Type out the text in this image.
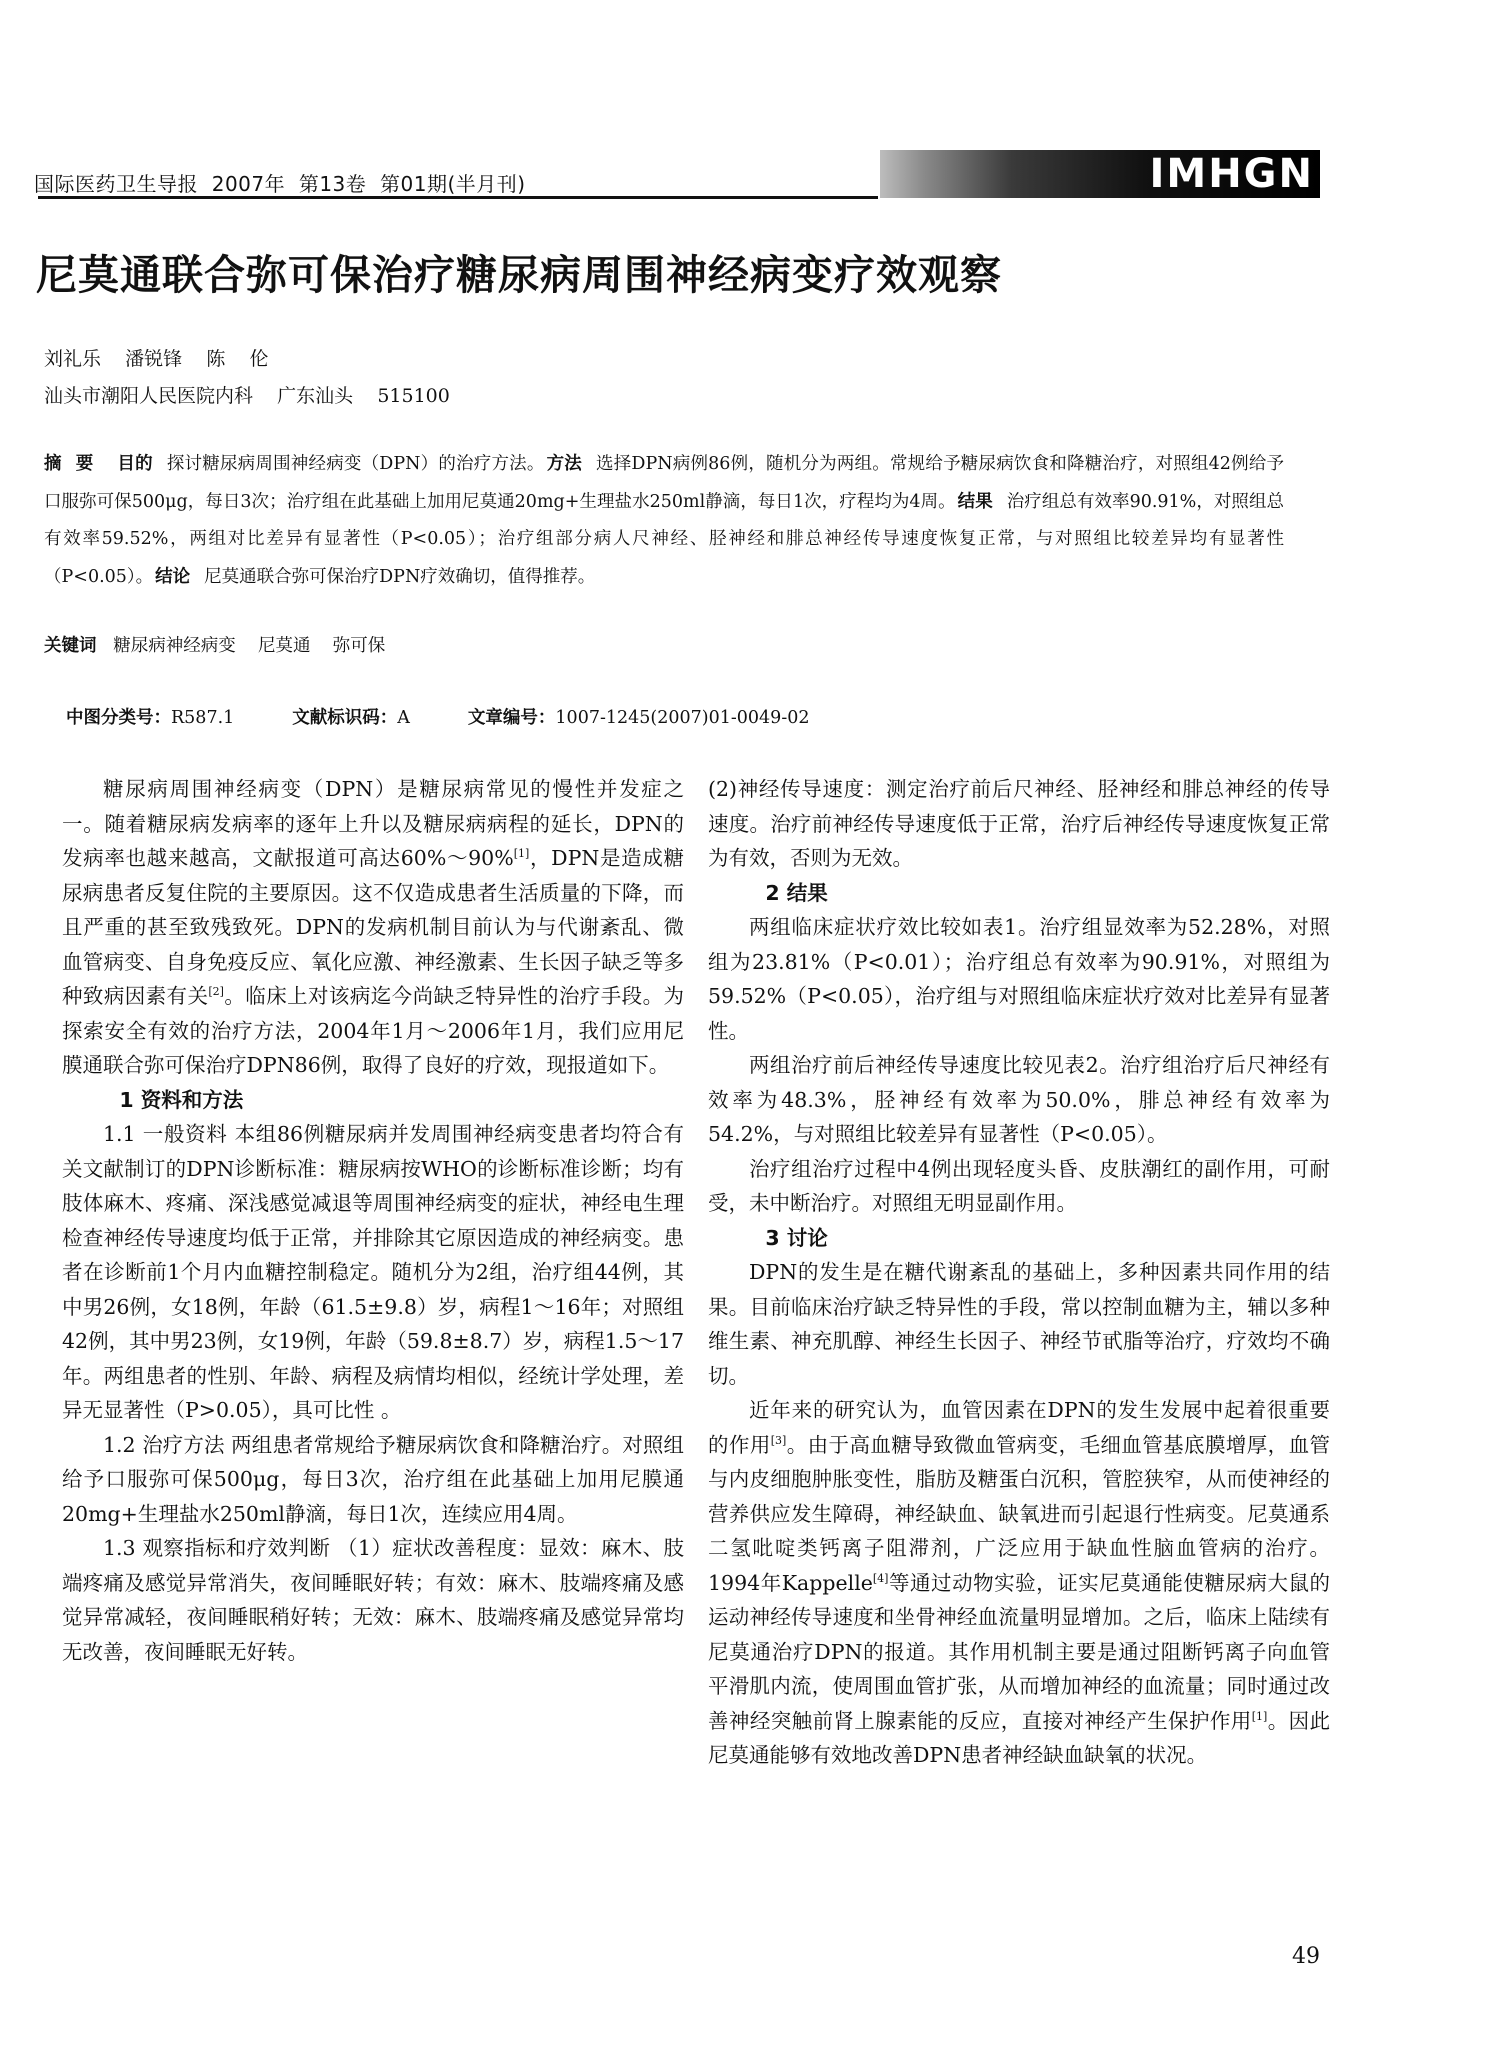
国际医药卫生导报  2007年  第13卷  第01期(半月刊)	IMHGN
尼莫通联合弥可保治疗糖尿病周围神经病变疗效观察
刘礼乐    潘锐锋    陈    伦
汕头市潮阳人民医院内科    广东汕头    515100
摘要 目的 探讨糖尿病周围神经病变（DPN）的治疗方法。 方法 选择DPN病例86例，随机分为两组。常规给予糖尿病饮食和降糖治疗，对照组42例给予口服弥可保500μg，每日3次；治疗组在此基础上加用尼莫通20mg+生理盐水250ml静滴，每日1次，疗程均为4周。 结果 治疗组总有效率90.91%，对照组总有效率59.52%，两组对比差异有显著性（P<0.05）；治疗组部分病人尺神经、胫神经和腓总神经传导速度恢复正常，与对照组比较差异均有显著性（P<0.05）。 结论 尼莫通联合弥可保治疗DPN疗效确切，值得推荐。
关键词 糖尿病神经病变    尼莫通    弥可保
中图分类号：R587.1	文献标识码：A	文章编号：1007-1245(2007)01-0049-02

糖尿病周围神经病变（DPN）是糖尿病常见的慢性并发症之一。随着糖尿病发病率的逐年上升以及糖尿病病程的延长，DPN的发病率也越来越高，文献报道可高达60%～90%[1]，DPN是造成糖尿病患者反复住院的主要原因。这不仅造成患者生活质量的下降，而且严重的甚至致残致死。DPN的发病机制目前认为与代谢紊乱、微血管病变、自身免疫反应、氧化应激、神经激素、生长因子缺乏等多种致病因素有关[2]。临床上对该病迄今尚缺乏特异性的治疗手段。为探索安全有效的治疗方法，2004年1月～2006年1月，我们应用尼膜通联合弥可保治疗DPN86例，取得了良好的疗效，现报道如下。

1 资料和方法

1.1 一般资料 本组86例糖尿病并发周围神经病变患者均符合有关文献制订的DPN诊断标准：糖尿病按WHO的诊断标准诊断；均有肢体麻木、疼痛、深浅感觉减退等周围神经病变的症状，神经电生理检查神经传导速度均低于正常，并排除其它原因造成的神经病变。患者在诊断前1个月内血糖控制稳定。随机分为2组，治疗组44例，其中男26例，女18例，年龄（61.5±9.8）岁，病程1～16年；对照组42例，其中男23例，女19例，年龄（59.8±8.7）岁，病程1.5～17年。两组患者的性别、年龄、病程及病情均相似，经统计学处理，差异无显著性（P>0.05），具可比性 。

1.2 治疗方法 两组患者常规给予糖尿病饮食和降糖治疗。对照组给予口服弥可保500μg，每日3次，治疗组在此基础上加用尼膜通20mg+生理盐水250ml静滴，每日1次，连续应用4周。

1.3 观察指标和疗效判断 （1）症状改善程度：显效：麻木、肢端疼痛及感觉异常消失，夜间睡眠好转；有效：麻木、肢端疼痛及感觉异常减轻，夜间睡眠稍好转；无效：麻木、肢端疼痛及感觉异常均无改善，夜间睡眠无好转。

(2)神经传导速度：测定治疗前后尺神经、胫神经和腓总神经的传导速度。治疗前神经传导速度低于正常，治疗后神经传导速度恢复正常为有效，否则为无效。

2 结果

两组临床症状疗效比较如表1。治疗组显效率为52.28%，对照组为23.81%（P<0.01）；治疗组总有效率为90.91%，对照组为59.52%（P<0.05），治疗组与对照组临床症状疗效对比差异有显著性。

两组治疗前后神经传导速度比较见表2。治疗组治疗后尺神经有效率为48.3%，胫神经有效率为50.0%，腓总神经有效率为54.2%，与对照组比较差异有显著性（P<0.05）。

治疗组治疗过程中4例出现轻度头昏、皮肤潮红的副作用，可耐受，未中断治疗。对照组无明显副作用。

3 讨论

DPN的发生是在糖代谢紊乱的基础上，多种因素共同作用的结果。目前临床治疗缺乏特异性的手段，常以控制血糖为主，辅以多种维生素、神充肌醇、神经生长因子、神经节甙脂等治疗，疗效均不确切。

近年来的研究认为，血管因素在DPN的发生发展中起着很重要的作用[3]。由于高血糖导致微血管病变，毛细血管基底膜增厚，血管与内皮细胞肿胀变性，脂肪及糖蛋白沉积，管腔狭窄，从而使神经的营养供应发生障碍，神经缺血、缺氧进而引起退行性病变。尼莫通系二氢吡啶类钙离子阻滞剂，广泛应用于缺血性脑血管病的治疗。1994年Kappelle[4]等通过动物实验，证实尼莫通能使糖尿病大鼠的运动神经传导速度和坐骨神经血流量明显增加。之后，临床上陆续有尼莫通治疗DPN的报道。其作用机制主要是通过阻断钙离子向血管平滑肌内流，使周围血管扩张，从而增加神经的血流量；同时通过改善神经突触前肾上腺素能的反应，直接对神经产生保护作用[1]。因此尼莫通能够有效地改善DPN患者神经缺血缺氧的状况。

49
